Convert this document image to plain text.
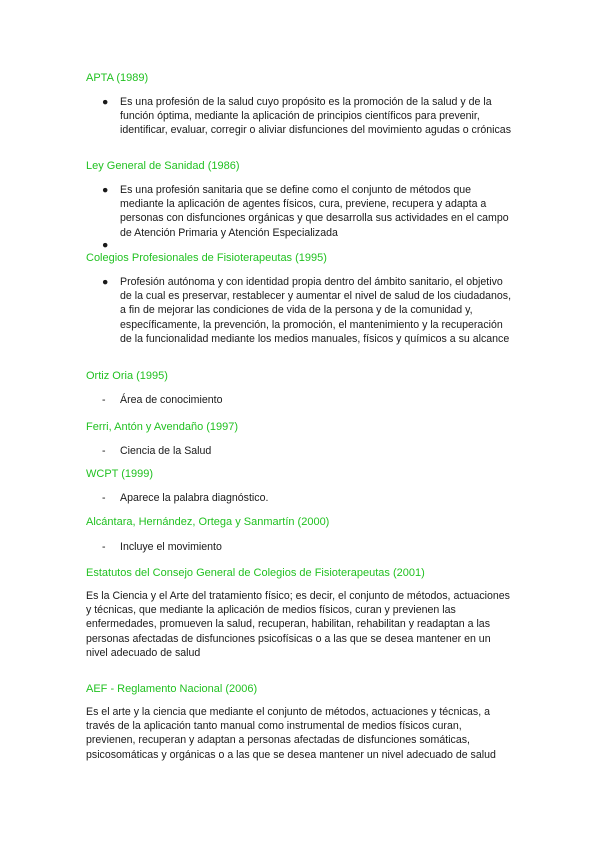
APTA (1989)
● Es una profesión de la salud cuyo propósito es la promoción de la salud y de la función óptima, mediante la aplicación de principios científicos para prevenir, identificar, evaluar, corregir o aliviar disfunciones del movimiento agudas o crónicas
Ley General de Sanidad (1986)
● Es una profesión sanitaria que se define como el conjunto de métodos que mediante la aplicación de agentes físicos, cura, previene, recupera y adapta a personas con disfunciones orgánicas y que desarrolla sus actividades en el campo de Atención Primaria y Atención Especializada
●
Colegios Profesionales de Fisioterapeutas (1995)
● Profesión autónoma y con identidad propia dentro del ámbito sanitario, el objetivo de la cual es preservar, restablecer y aumentar el nivel de salud de los ciudadanos, a fin de mejorar las condiciones de vida de la persona y de la comunidad y, específicamente, la prevención, la promoción, el mantenimiento y la recuperación de la funcionalidad mediante los medios manuales, físicos y químicos a su alcance
Ortiz Oria (1995)
- Área de conocimiento
Ferri, Antón y Avendaño (1997)
- Ciencia de la Salud
WCPT (1999)
- Aparece la palabra diagnóstico.
Alcántara, Hernández, Ortega y Sanmartín (2000)
- Incluye el movimiento
Estatutos del Consejo General de Colegios de Fisioterapeutas (2001)
Es la Ciencia y el Arte del tratamiento físico; es decir, el conjunto de métodos, actuaciones y técnicas, que mediante la aplicación de medios físicos, curan y previenen las enfermedades, promueven la salud, recuperan, habilitan, rehabilitan y readaptan a las personas afectadas de disfunciones psicofísicas o a las que se desea mantener en un nivel adecuado de salud
AEF - Reglamento Nacional (2006)
Es el arte y la ciencia que mediante el conjunto de métodos, actuaciones y técnicas, a través de la aplicación tanto manual como instrumental de medios físicos curan, previenen, recuperan y adaptan a personas afectadas de disfunciones somáticas, psicosomáticas y orgánicas o a las que se desea mantener un nivel adecuado de salud
